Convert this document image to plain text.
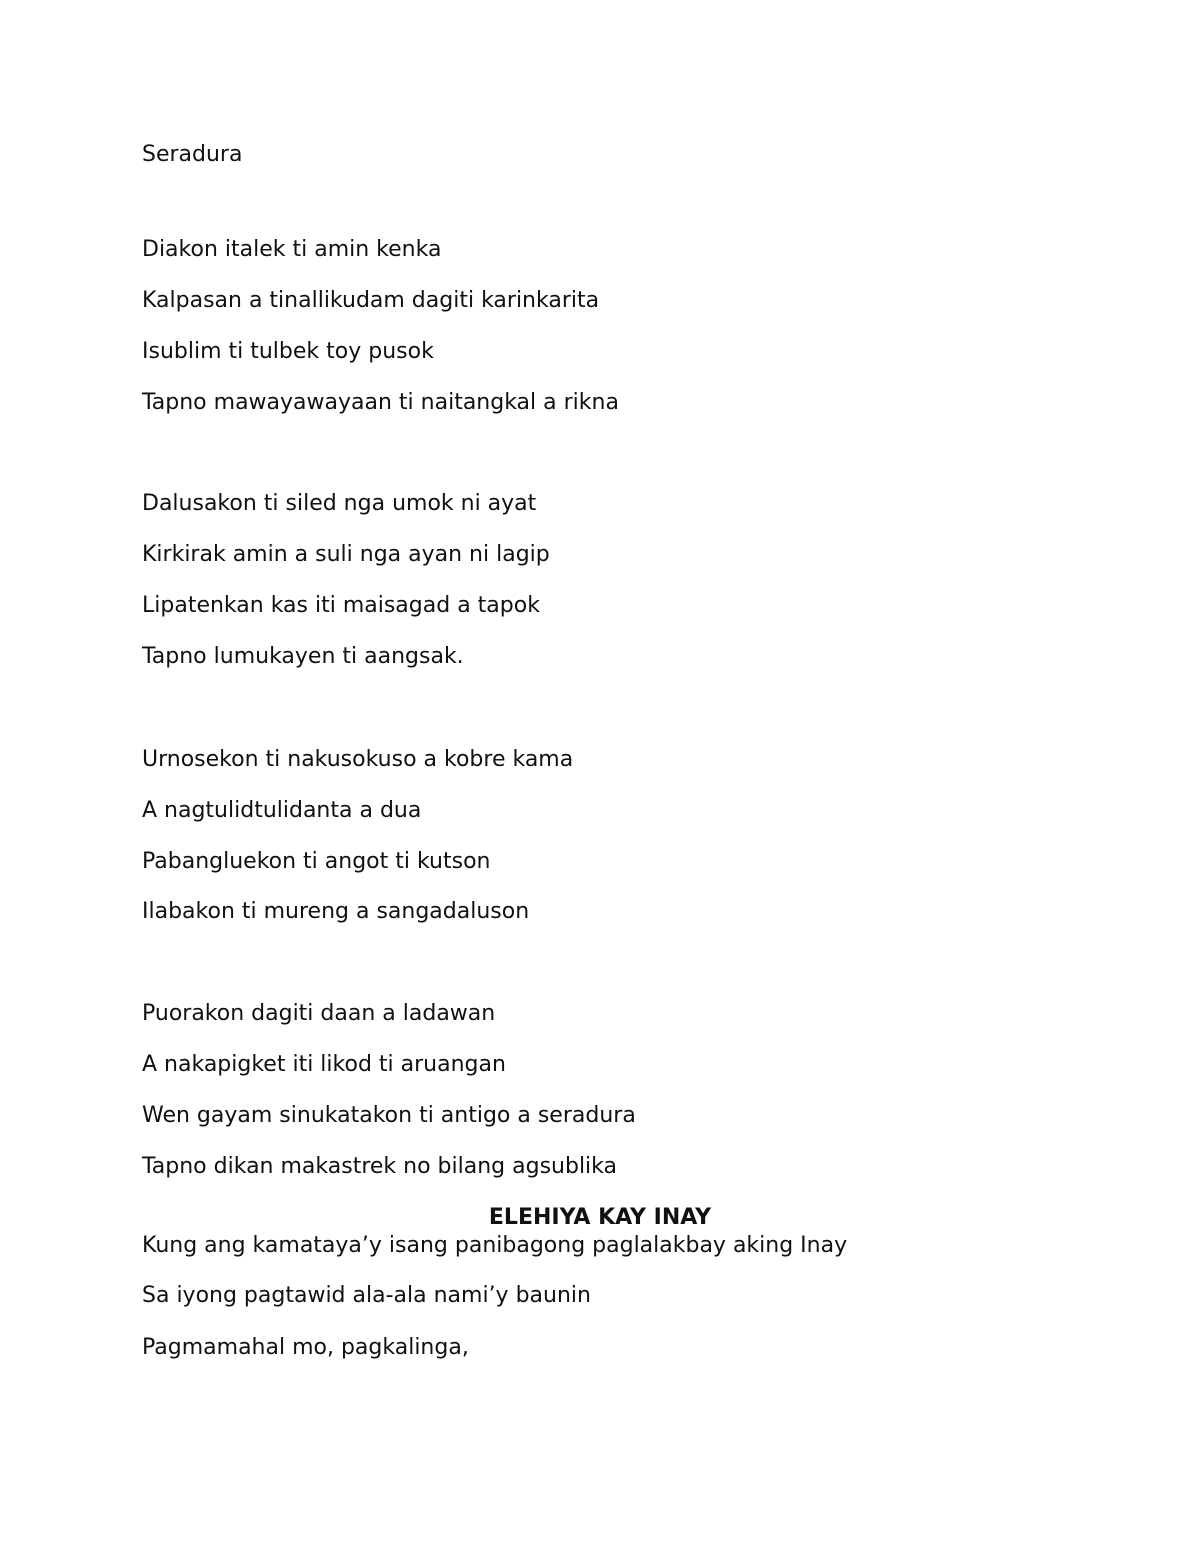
Seradura

Diakon italek ti amin kenka

Kalpasan a tinallikudam dagiti karinkarita

Isublim ti tulbek toy pusok

Tapno mawayawayaan ti naitangkal a rikna

Dalusakon ti siled nga umok ni ayat

Kirkirak amin a suli nga ayan ni lagip

Lipatenkan kas iti maisagad a tapok

Tapno lumukayen ti aangsak.

Urnosekon ti nakusokuso a kobre kama

A nagtulidtulidanta a dua

Pabangluekon ti angot ti kutson

Ilabakon ti mureng a sangadaluson

Puorakon dagiti daan a ladawan

A nakapigket iti likod ti aruangan

Wen gayam sinukatakon ti antigo a seradura

Tapno dikan makastrek no bilang agsublika

ELEHIYA KAY INAY

Kung ang kamataya’y isang panibagong paglalakbay aking Inay

Sa iyong pagtawid ala-ala nami’y baunin

Pagmamahal mo, pagkalinga,
